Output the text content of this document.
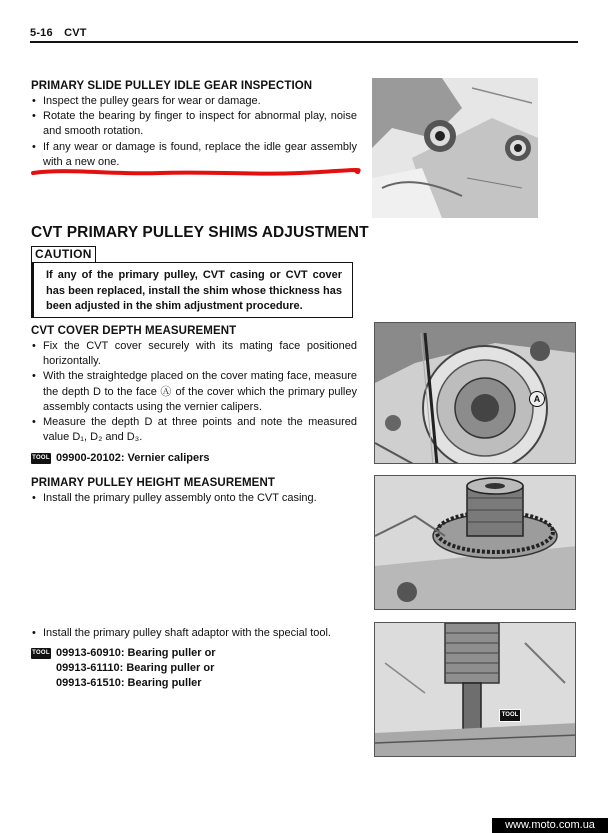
5-16 CVT
PRIMARY SLIDE PULLEY IDLE GEAR INSPECTION
• Inspect the pulley gears for wear or damage.
• Rotate the bearing by finger to inspect for abnormal play, noise and smooth rotation.
• If any wear or damage is found, replace the idle gear assembly with a new one.
CVT PRIMARY PULLEY SHIMS ADJUSTMENT
CAUTION
If any of the primary pulley, CVT casing or CVT cover has been replaced, install the shim whose thickness has been adjusted in the shim adjustment procedure.
CVT COVER DEPTH MEASUREMENT
• Fix the CVT cover securely with its mating face positioned horizontally.
• With the straightedge placed on the cover mating face, measure the depth D to the face Ⓐ of the cover which the primary pulley assembly contacts using the vernier calipers.
• Measure the depth D at three points and note the measured value D₁, D₂ and D₃.
TOOL 09900-20102: Vernier calipers
A
PRIMARY PULLEY HEIGHT MEASUREMENT
• Install the primary pulley assembly onto the CVT casing.
• Install the primary pulley shaft adaptor with the special tool.
TOOL 09913-60910: Bearing puller or
09913-61110: Bearing puller or
09913-61510: Bearing puller
TOOL
www.moto.com.ua
